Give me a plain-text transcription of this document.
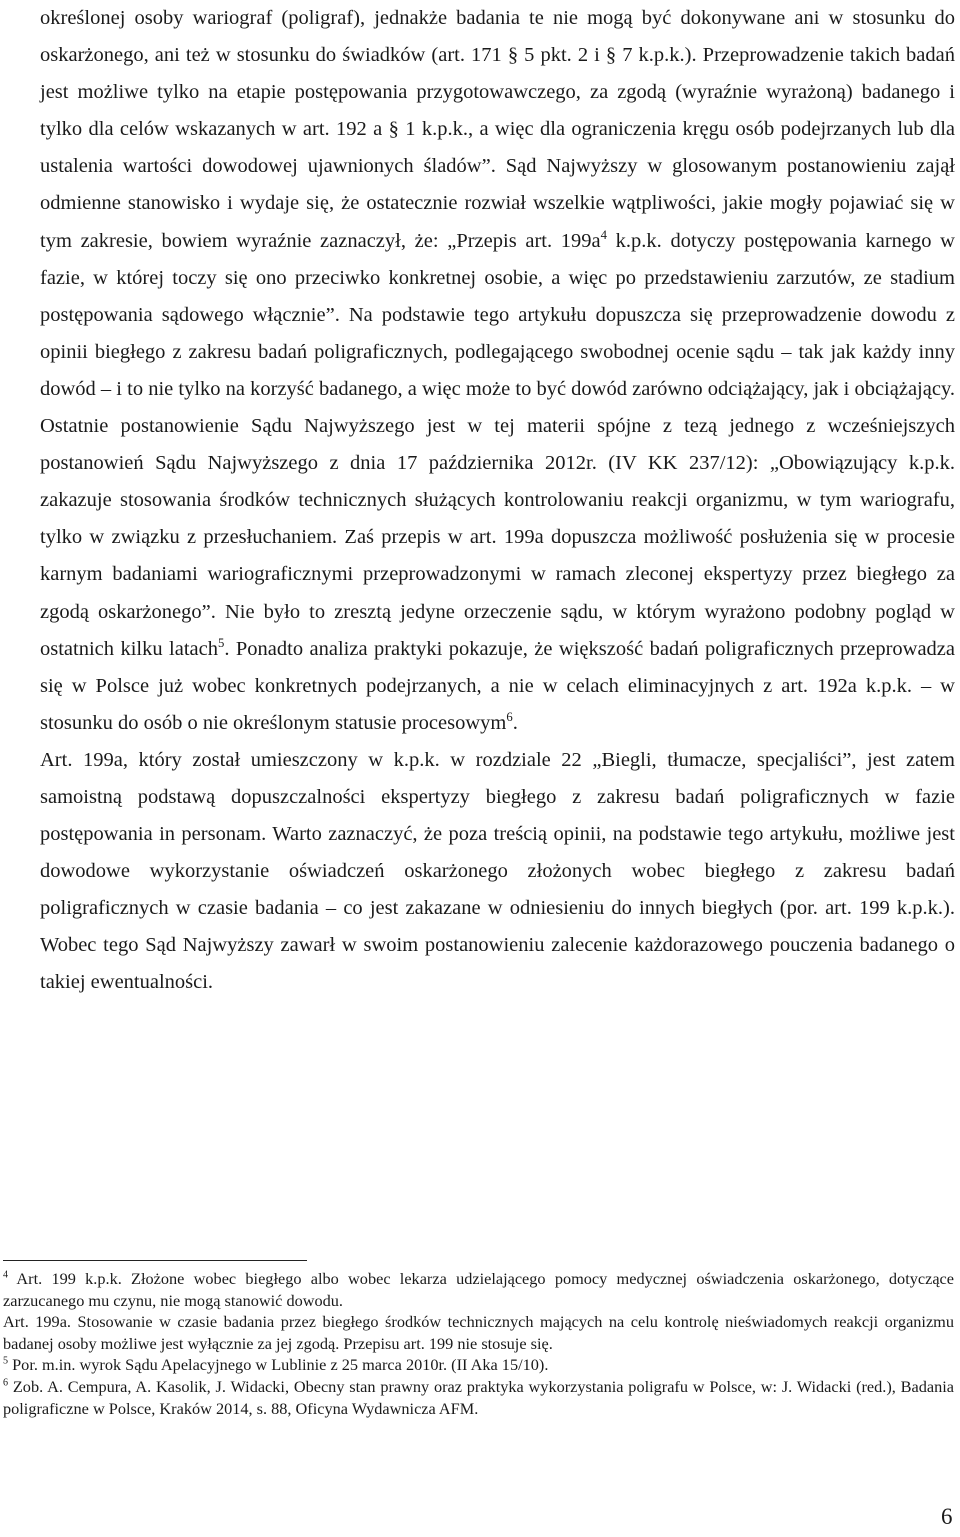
określonej osoby wariograf (poligraf), jednakże badania te nie mogą być dokonywane ani w stosunku do oskarżonego, ani też w stosunku do świadków (art. 171 § 5 pkt. 2 i § 7 k.p.k.). Przeprowadzenie takich badań jest możliwe tylko na etapie postępowania przygotowawczego, za zgodą (wyraźnie wyrażoną) badanego i tylko dla celów wskazanych w art. 192 a § 1 k.p.k., a więc dla ograniczenia kręgu osób podejrzanych lub dla ustalenia wartości dowodowej ujawnionych śladów”. Sąd Najwyższy w glosowanym postanowieniu zajął odmienne stanowisko i wydaje się, że ostatecznie rozwiał wszelkie wątpliwości, jakie mogły pojawiać się w tym zakresie, bowiem wyraźnie zaznaczył, że: „Przepis art. $199a^4$ k.p.k. dotyczy postępowania karnego w fazie, w której toczy się ono przeciwko konkretnej osobie, a więc po przedstawieniu zarzutów, ze stadium postępowania sądowego włącznie”. Na podstawie tego artykułu dopuszcza się przeprowadzenie dowodu z opinii biegłego z zakresu badań poligraficznych, podlegającego swobodnej ocenie sądu – tak jak każdy inny dowód – i to nie tylko na korzyść badanego, a więc może to być dowód zarówno odciążający, jak i obciążający. Ostatnie postanowienie Sądu Najwyższego jest w tej materii spójne z tezą jednego z wcześniejszych postanowień Sądu Najwyższego z dnia 17 października 2012r. (IV KK 237/12): „Obowiązujący k.p.k. zakazuje stosowania środków technicznych służących kontrolowaniu reakcji organizmu, w tym wariografu, tylko w związku z przesłuchaniem. Zaś przepis w art. 199a dopuszcza możliwość posłużenia się w procesie karnym badaniami wariograficznymi przeprowadzonymi w ramach zleconej ekspertyzy przez biegłego za zgodą oskarżonego”. Nie było to zresztą jedyne orzeczenie sądu, w którym wyrażono podobny pogląd w ostatnich kilku latach$^5$. Ponadto analiza praktyki pokazuje, że większość badań poligraficznych przeprowadza się w Polsce już wobec konkretnych podejrzanych, a nie w celach eliminacyjnych z art. 192a k.p.k. – w stosunku do osób o nie określonym statusie procesowym$^6$.

Art. 199a, który został umieszczony w k.p.k. w rozdziale 22 „Biegli, tłumacze, specjaliści”, jest zatem samoistną podstawą dopuszczalności ekspertyzy biegłego z zakresu badań poligraficznych w fazie postępowania in personam. Warto zaznaczyć, że poza treścią opinii, na podstawie tego artykułu, możliwe jest dowodowe wykorzystanie oświadczeń oskarżonego złożonych wobec biegłego z zakresu badań poligraficznych w czasie badania – co jest zakazane w odniesieniu do innych biegłych (por. art. 199 k.p.k.). Wobec tego Sąd Najwyższy zawarł w swoim postanowieniu zalecenie każdorazowego pouczenia badanego o takiej ewentualności.

$^4$ Art. 199 k.p.k. Złożone wobec biegłego albo wobec lekarza udzielającego pomocy medycznej oświadczenia oskarżonego, dotyczące zarzucanego mu czynu, nie mogą stanowić dowodu.

Art. 199a. Stosowanie w czasie badania przez biegłego środków technicznych mających na celu kontrolę nieświadomych reakcji organizmu badanej osoby możliwe jest wyłącznie za jej zgodą. Przepisu art. 199 nie stosuje się.

$^5$ Por. m.in. wyrok Sądu Apelacyjnego w Lublinie z 25 marca 2010r. (II Aka 15/10).

$^6$ Zob. A. Cempura, A. Kasolik, J. Widacki, Obecny stan prawny oraz praktyka wykorzystania poligrafu w Polsce, w: J. Widacki (red.), Badania poligraficzne w Polsce, Kraków 2014, s. 88, Oficyna Wydawnicza AFM.

6
